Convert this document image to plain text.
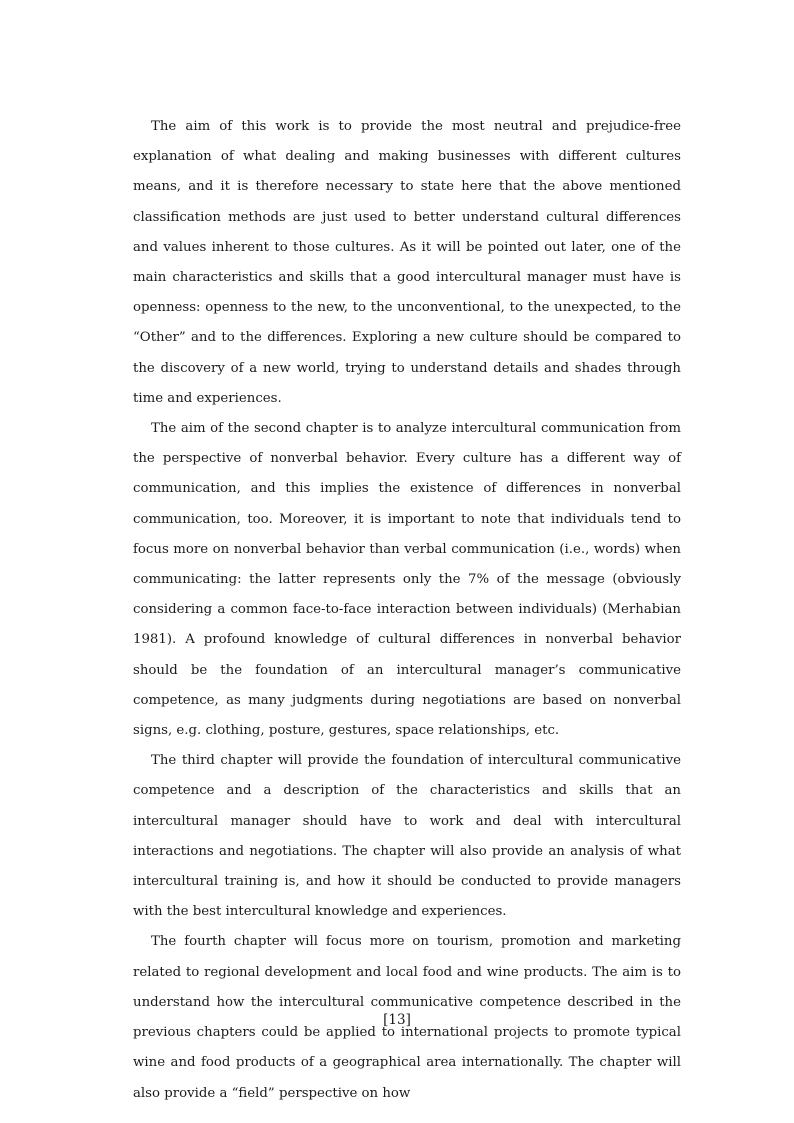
The aim of this work is to provide the most neutral and prejudice-free explanation of what dealing and making businesses with different cultures means, and it is therefore necessary to state here that the above mentioned classification methods are just used to better understand cultural differences and values inherent to those cultures. As it will be pointed out later, one of the main characteristics and skills that a good intercultural manager must have is openness: openness to the new, to the unconventional, to the unexpected, to the “Other” and to the differences. Exploring a new culture should be compared to the discovery of a new world, trying to understand details and shades through time and experiences.

The aim of the second chapter is to analyze intercultural communication from the perspective of nonverbal behavior. Every culture has a different way of communication, and this implies the existence of differences in nonverbal communication, too. Moreover, it is important to note that individuals tend to focus more on nonverbal behavior than verbal communication (i.e., words) when communicating: the latter represents only the 7% of the message (obviously considering a common face-to-face interaction between individuals) (Merhabian 1981). A profound knowledge of cultural differences in nonverbal behavior should be the foundation of an intercultural manager’s communicative competence, as many judgments during negotiations are based on nonverbal signs, e.g. clothing, posture, gestures, space relationships, etc.

The third chapter will provide the foundation of intercultural communicative competence and a description of the characteristics and skills that an intercultural manager should have to work and deal with intercultural interactions and negotiations. The chapter will also provide an analysis of what intercultural training is, and how it should be conducted to provide managers with the best intercultural knowledge and experiences.

The fourth chapter will focus more on tourism, promotion and marketing related to regional development and local food and wine products. The aim is to understand how the intercultural communicative competence described in the previous chapters could be applied to international projects to promote typical wine and food products of a geographical area internationally. The chapter will also provide a “field” perspective on how

[13]
